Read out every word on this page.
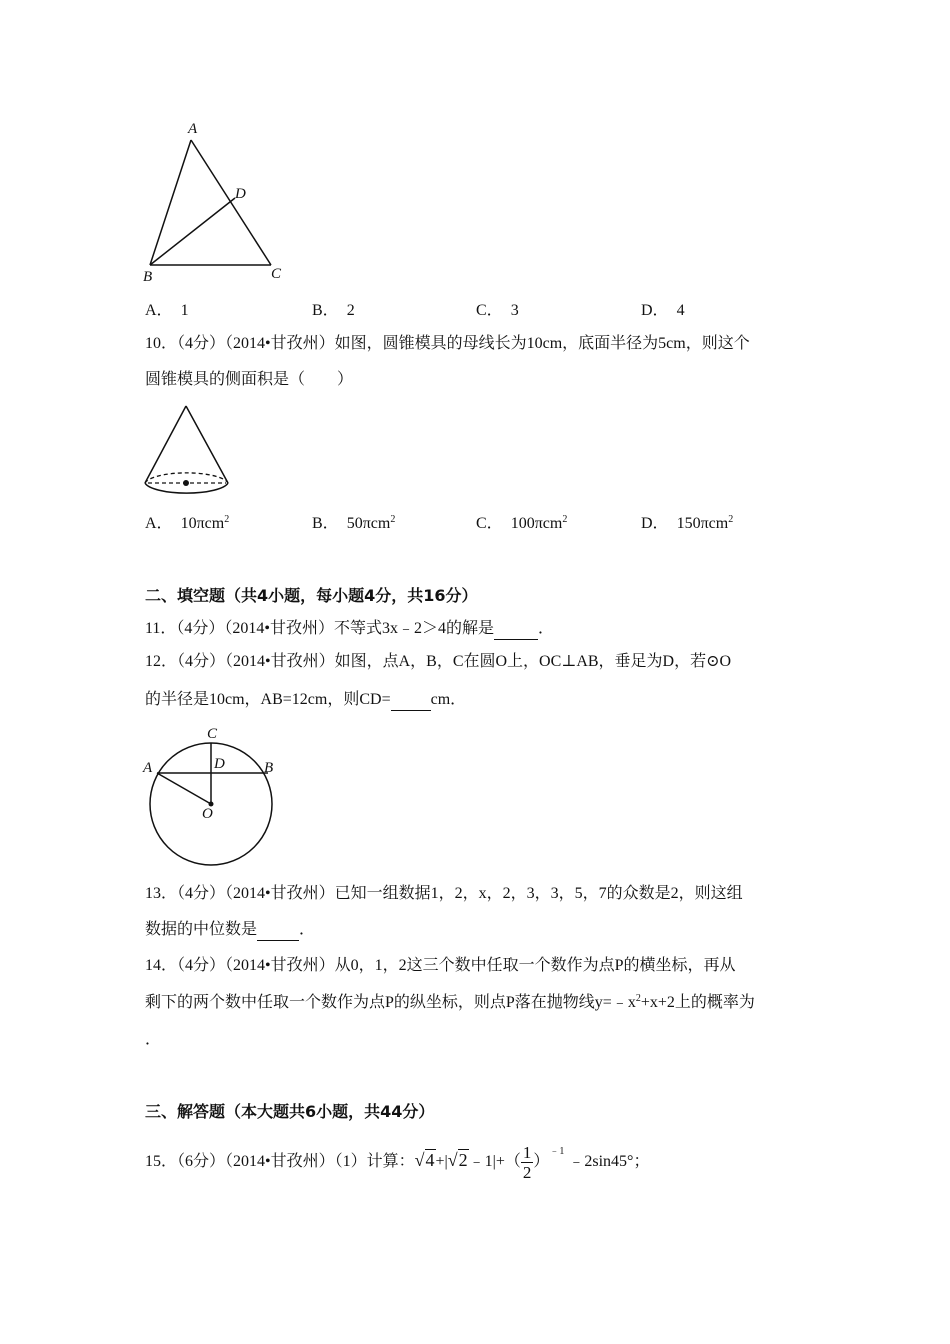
A
D
B	C
A． 1	B． 2	C． 3	D． 4
10．（4分）（2014•甘孜州）如图，圆锥模具的母线长为10cm，底面半径为5cm，则这个
圆锥模具的侧面积是（　　）
A． 10πcm$^2$	B． 50πcm$^2$	C． 100πcm$^2$	D． 150πcm$^2$
二、填空题（共4小题，每小题4分，共16分）
11．（4分）（2014•甘孜州）不等式3x﹣2＞4的解是	．
12．（4分）（2014•甘孜州）如图，点A，B，C在圆O上，OC⊥AB，垂足为D，若⊙O
的半径是10cm，AB=12cm，则CD=	cm．
C
A	D	B
O
13．（4分）（2014•甘孜州）已知一组数据1，2，x，2，3，3，5，7的众数是2，则这组
数据的中位数是	．
14．（4分）（2014•甘孜州）从0，1，2这三个数中任取一个数作为点P的横坐标，再从
剩下的两个数中任取一个数作为点P的纵坐标，则点P落在抛物线$y=﹣x^2+x+2$上的概率为
．
三、解答题（本大题共6小题，共44分）
15．（6分）（2014•甘孜州）（1）计算：√4+|√2﹣1|+（ $\frac{1}{2}$ ）$^{﹣1}$﹣2sin45°；
